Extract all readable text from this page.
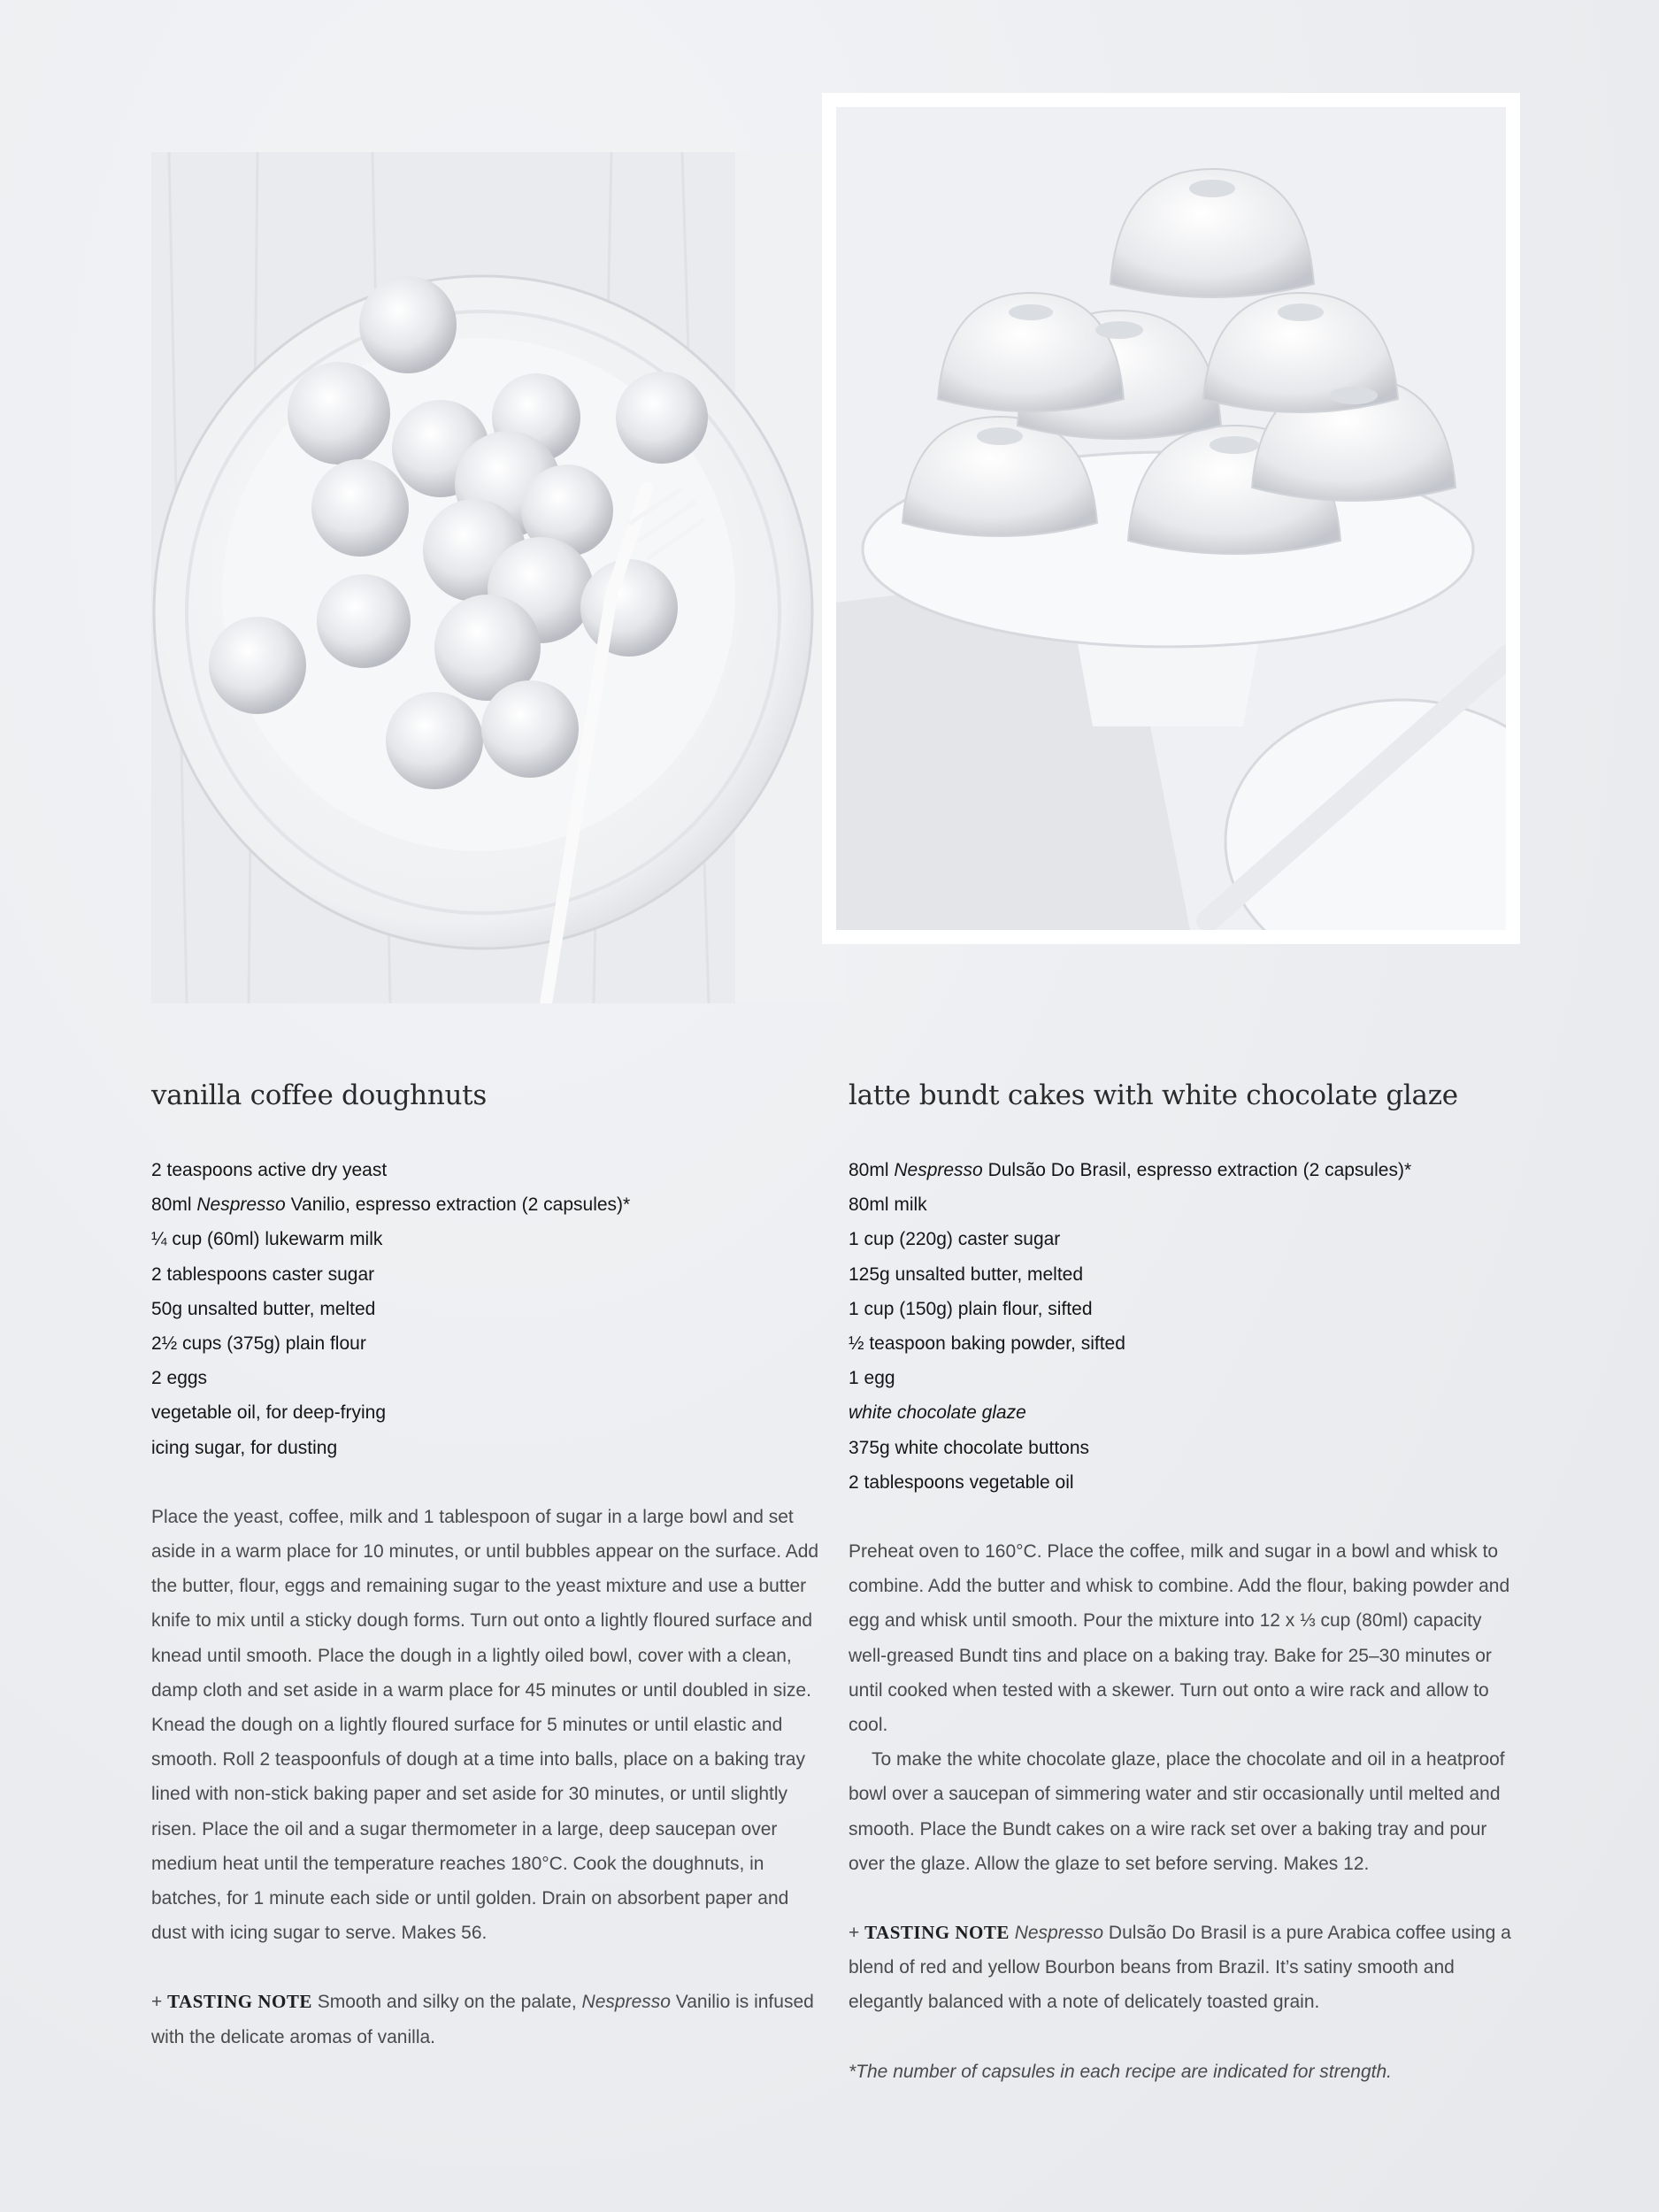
vanilla coffee doughnuts
2 teaspoons active dry yeast
80ml Nespresso Vanilio, espresso extraction (2 capsules)*
¼ cup (60ml) lukewarm milk
2 tablespoons caster sugar
50g unsalted butter, melted
2½ cups (375g) plain flour
2 eggs
vegetable oil, for deep-frying
icing sugar, for dusting

Place the yeast, coffee, milk and 1 tablespoon of sugar in a large bowl and set aside in a warm place for 10 minutes, or until bubbles appear on the surface. Add the butter, flour, eggs and remaining sugar to the yeast mixture and use a butter knife to mix until a sticky dough forms. Turn out onto a lightly floured surface and knead until smooth. Place the dough in a lightly oiled bowl, cover with a clean, damp cloth and set aside in a warm place for 45 minutes or until doubled in size. Knead the dough on a lightly floured surface for 5 minutes or until elastic and smooth. Roll 2 teaspoonfuls of dough at a time into balls, place on a baking tray lined with non-stick baking paper and set aside for 30 minutes, or until slightly risen. Place the oil and a sugar thermometer in a large, deep saucepan over medium heat until the temperature reaches 180°C. Cook the doughnuts, in batches, for 1 minute each side or until golden. Drain on absorbent paper and dust with icing sugar to serve. Makes 56.

+ TASTING NOTE Smooth and silky on the palate, Nespresso Vanilio is infused with the delicate aromas of vanilla.
latte bundt cakes with white chocolate glaze
80ml Nespresso Dulsão Do Brasil, espresso extraction (2 capsules)*
80ml milk
1 cup (220g) caster sugar
125g unsalted butter, melted
1 cup (150g) plain flour, sifted
½ teaspoon baking powder, sifted
1 egg
white chocolate glaze
375g white chocolate buttons
2 tablespoons vegetable oil

Preheat oven to 160°C. Place the coffee, milk and sugar in a bowl and whisk to combine. Add the butter and whisk to combine. Add the flour, baking powder and egg and whisk until smooth. Pour the mixture into 12 x ⅓ cup (80ml) capacity well-greased Bundt tins and place on a baking tray. Bake for 25–30 minutes or until cooked when tested with a skewer. Turn out onto a wire rack and allow to cool.

To make the white chocolate glaze, place the chocolate and oil in a heatproof bowl over a saucepan of simmering water and stir occasionally until melted and smooth. Place the Bundt cakes on a wire rack set over a baking tray and pour over the glaze. Allow the glaze to set before serving. Makes 12.

+ TASTING NOTE Nespresso Dulsão Do Brasil is a pure Arabica coffee using a blend of red and yellow Bourbon beans from Brazil. It’s satiny smooth and elegantly balanced with a note of delicately toasted grain.
*The number of capsules in each recipe are indicated for strength.
